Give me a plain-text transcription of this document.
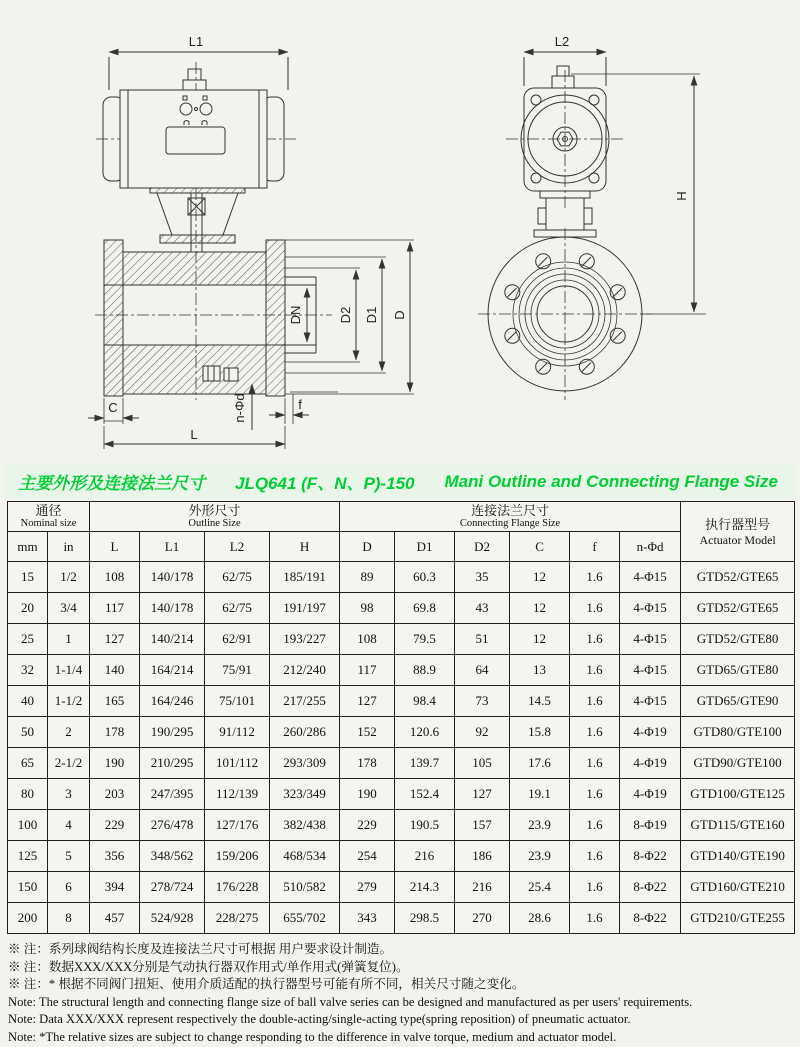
L1	L2
H
DN	D2 D1 D
C	n-Φd	f
L
主要外形及连接法兰尺寸 JLQ641 (F、N、P)-150 Mani Outline and Connecting Flange Size
通径
Nominal size

外形尺寸
Outline Size

连接法兰尺寸
Connecting Flange Size	执行器型号
Actuator Model

mm	in	L	L1	L2	H	D	D1	D2	C	f	n-Φd	
15	1/2	108	140/178	62/75	185/191	89	60.3	35	12	1.6	4-Φ15	GTD52/GTE65
20	3/4	117	140/178	62/75	191/197	98	69.8	43	12	1.6	4-Φ15	GTD52/GTE65
25	1	127	140/214	62/91	193/227	108	79.5	51	12	1.6	4-Φ15	GTD52/GTE80
32	1-1/4	140	164/214	75/91	212/240	117	88.9	64	13	1.6	4-Φ15	GTD65/GTE80
40	1-1/2	165	164/246	75/101	217/255	127	98.4	73	14.5	1.6	4-Φ15	GTD65/GTE90
50	2	178	190/295	91/112	260/286	152	120.6	92	15.8	1.6	4-Φ19	GTD80/GTE100
65	2-1/2	190	210/295	101/112	293/309	178	139.7	105	17.6	1.6	4-Φ19	GTD90/GTE100
80	3	203	247/395	112/139	323/349	190	152.4	127	19.1	1.6	4-Φ19	GTD100/GTE125
100	4	229	276/478	127/176	382/438	229	190.5	157	23.9	1.6	8-Φ19	GTD115/GTE160
125	5	356	348/562	159/206	468/534	254	216	186	23.9	1.6	8-Φ22	GTD140/GTE190
150	6	394	278/724	176/228	510/582	279	214.3	216	25.4	1.6	8-Φ22	GTD160/GTE210
200	8	457	524/928	228/275	655/702	343	298.5	270	28.6	1.6	8-Φ22	GTD210/GTE255
※ 注：系列球阀结构长度及连接法兰尺寸可根据 用户要求设计制造。
※ 注：数据XXX/XXX分别是气动执行器双作用式/单作用式(弹簧复位)。
※ 注：* 根据不同阀门扭矩、使用介质适配的执行器型号可能有所不同，相关尺寸随之变化。
Note: The structural length and connecting flange size of ball valve series can be designed and manufactured as per users' requirements.
Note: Data XXX/XXX represent respectively the double-acting/single-acting type(spring reposition) of pneumatic actuator.
Note: *The relative sizes are subject to change responding to the difference in valve torque, medium and actuator model.
